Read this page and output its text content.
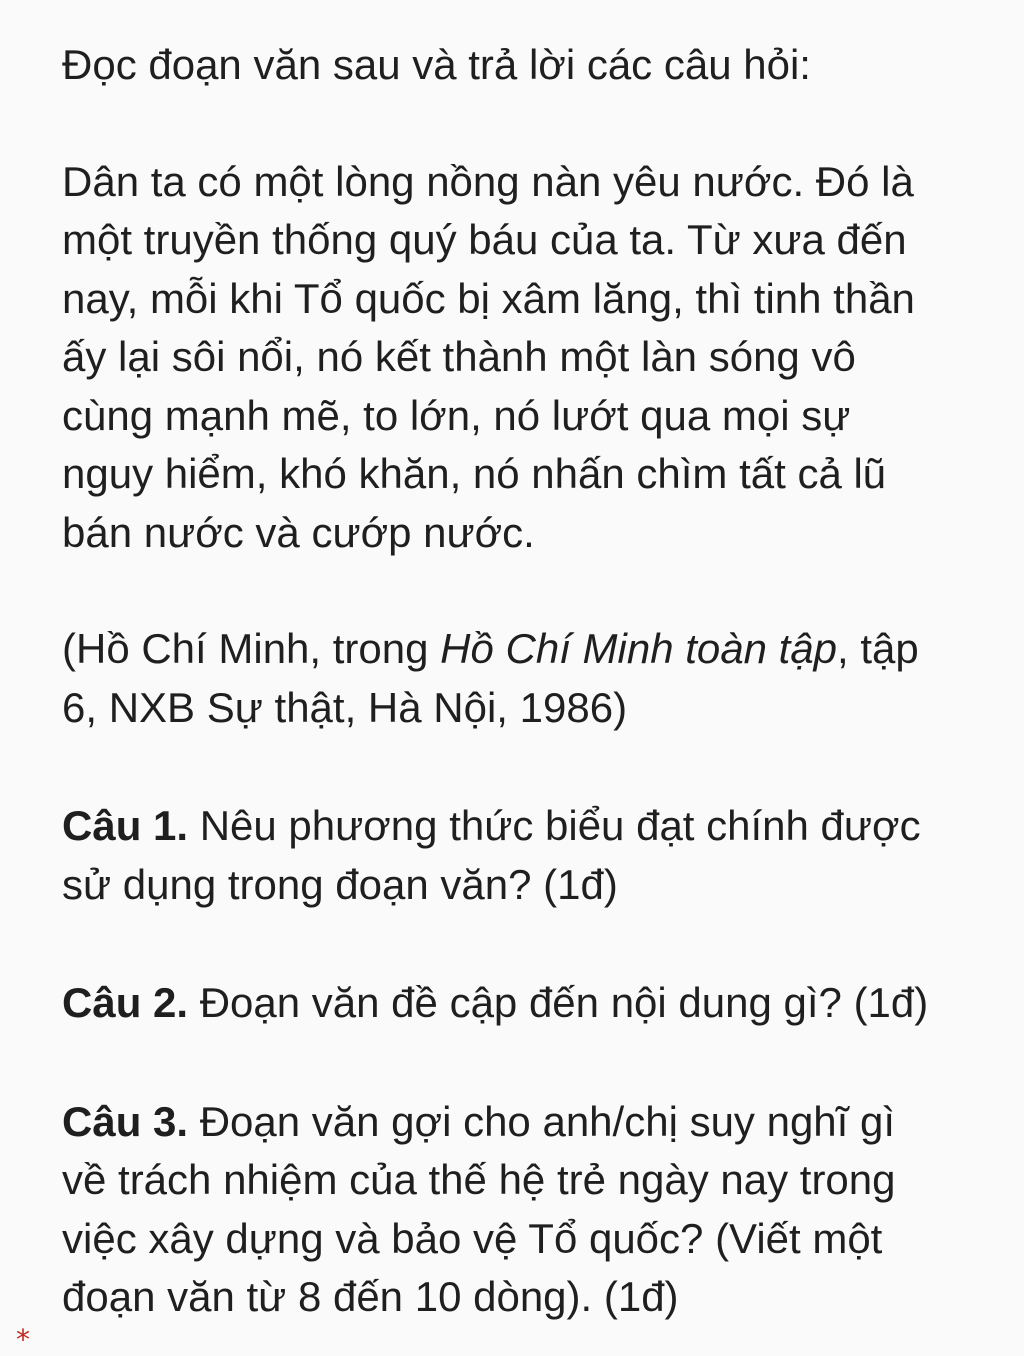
Đọc đoạn văn sau và trả lời các câu hỏi:

Dân ta có một lòng nồng nàn yêu nước. Đó là
một truyền thống quý báu của ta. Từ xưa đến
nay, mỗi khi Tổ quốc bị xâm lăng, thì tinh thần
ấy lại sôi nổi, nó kết thành một làn sóng vô
cùng mạnh mẽ, to lớn, nó lướt qua mọi sự
nguy hiểm, khó khăn, nó nhấn chìm tất cả lũ
bán nước và cướp nước.

(Hồ Chí Minh, trong Hồ Chí Minh toàn tập, tập
6, NXB Sự thật, Hà Nội, 1986)

Câu 1. Nêu phương thức biểu đạt chính được
sử dụng trong đoạn văn? (1đ)

Câu 2. Đoạn văn đề cập đến nội dung gì? (1đ)

Câu 3. Đoạn văn gợi cho anh/chị suy nghĩ gì
về trách nhiệm của thế hệ trẻ ngày nay trong
việc xây dựng và bảo vệ Tổ quốc? (Viết một
đoạn văn từ 8 đến 10 dòng). (1đ)

*
